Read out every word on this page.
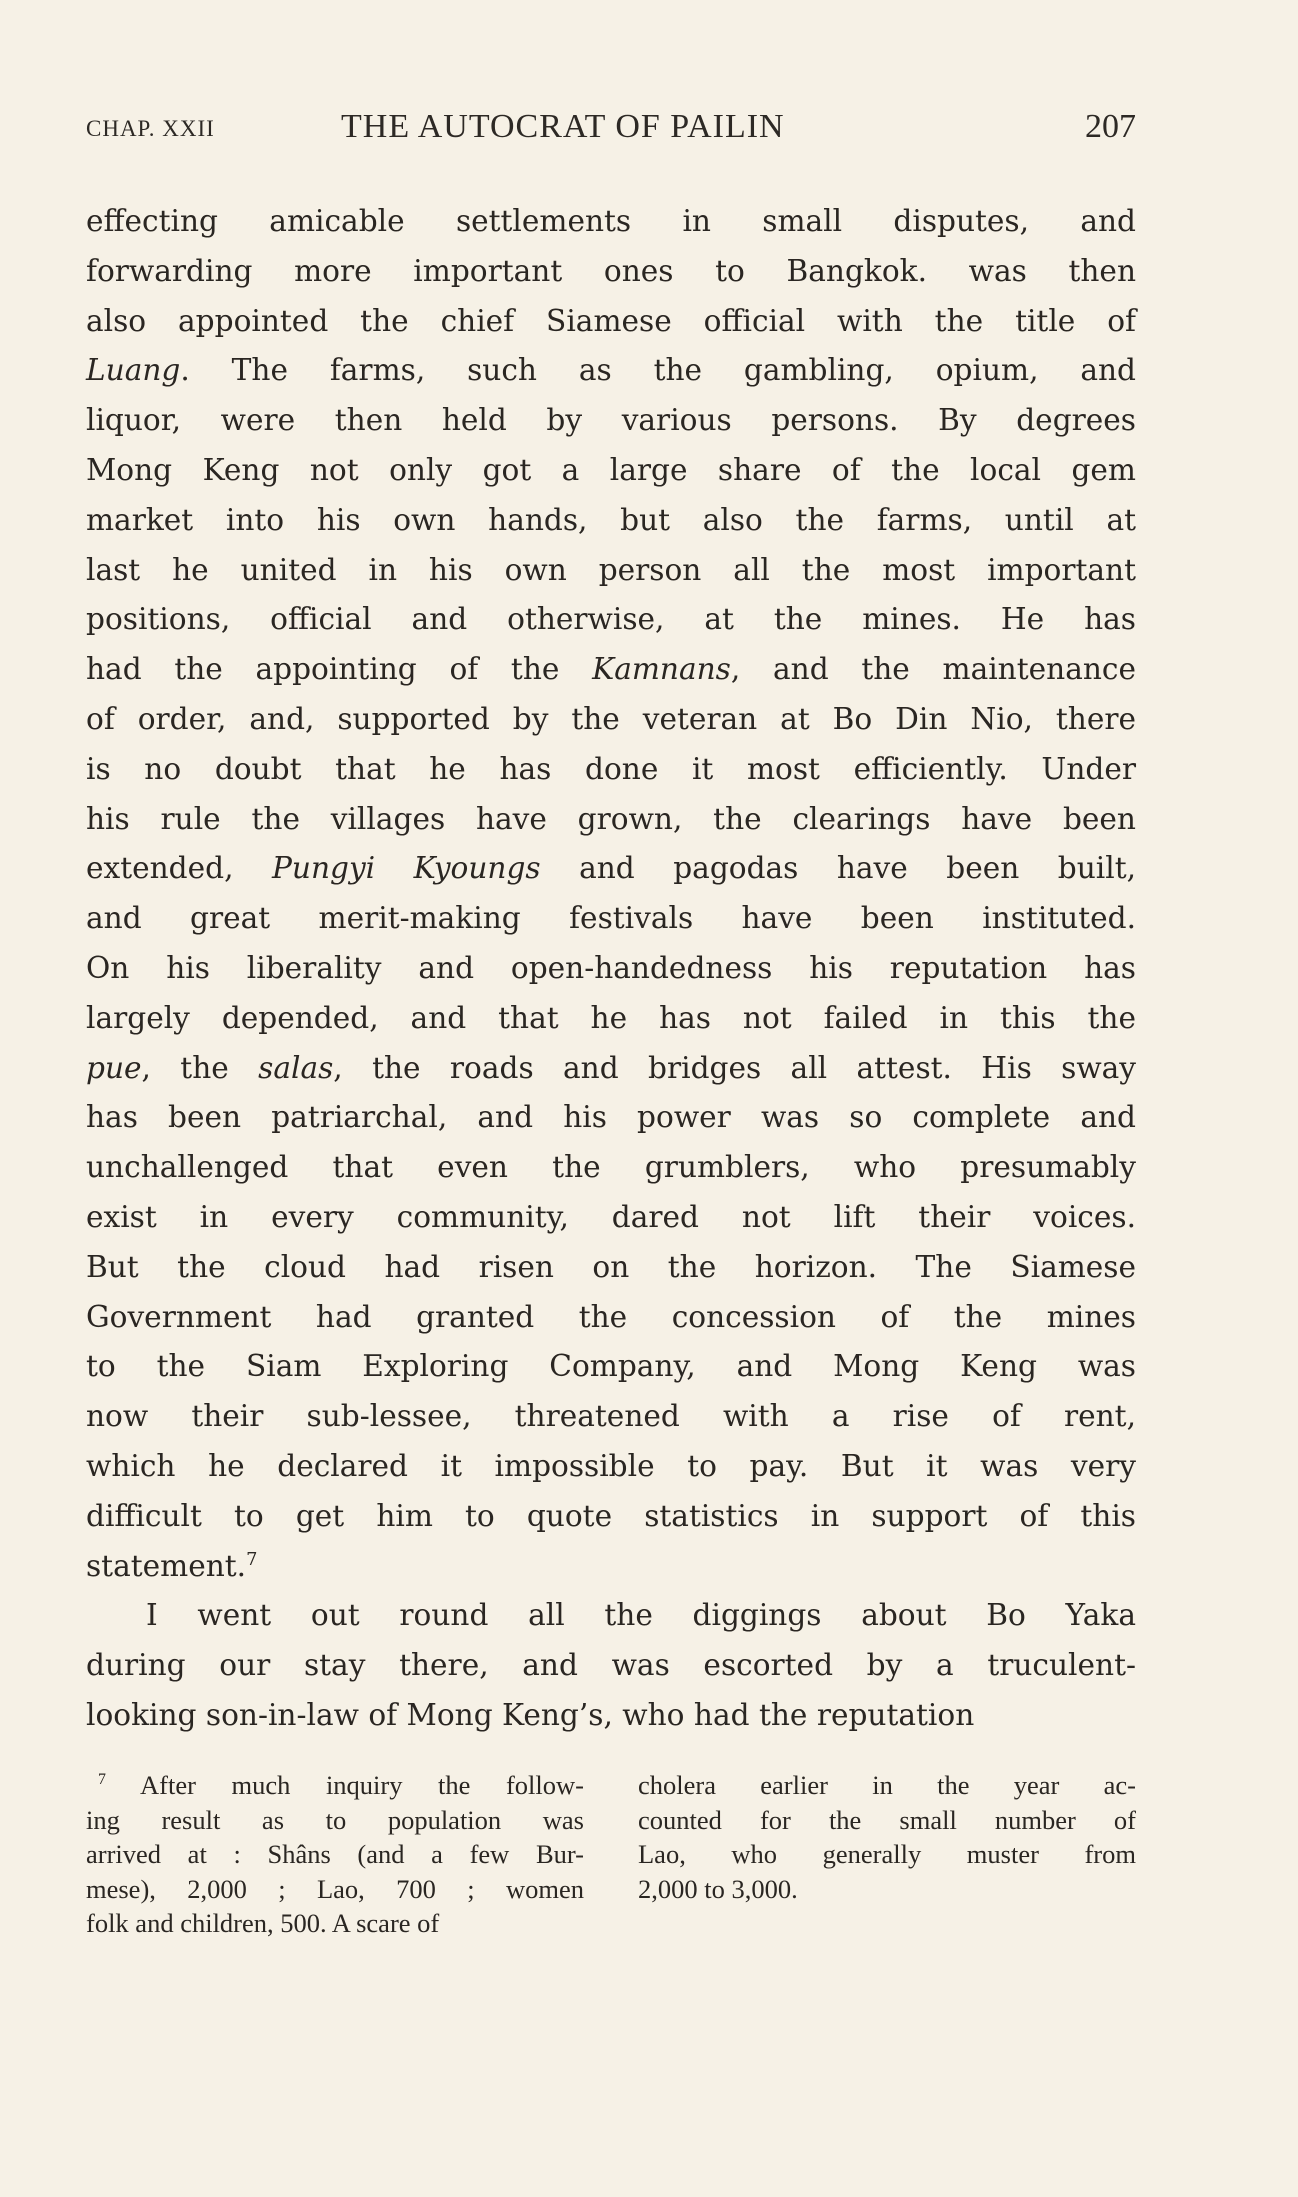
CHAP. XXII	THE AUTOCRAT OF PAILIN	207
effecting amicable settlements in small disputes, and
forwarding more important ones to Bangkok. was then
also appointed the chief Siamese official with the title of
Luang. The farms, such as the gambling, opium, and
liquor, were then held by various persons. By degrees
Mong Keng not only got a large share of the local gem
market into his own hands, but also the farms, until at
last he united in his own person all the most important
positions, official and otherwise, at the mines. He has
had the appointing of the Kamnans, and the maintenance
of order, and, supported by the veteran at Bo Din Nio, there
is no doubt that he has done it most efficiently. Under
his rule the villages have grown, the clearings have been
extended, Pungyi Kyoungs and pagodas have been built,
and great merit-making festivals have been instituted.
On his liberality and open-handedness his reputation has
largely depended, and that he has not failed in this the
pue, the salas, the roads and bridges all attest. His sway
has been patriarchal, and his power was so complete and
unchallenged that even the grumblers, who presumably
exist in every community, dared not lift their voices.
But the cloud had risen on the horizon. The Siamese
Government had granted the concession of the mines
to the Siam Exploring Company, and Mong Keng was
now their sub-lessee, threatened with a rise of rent,
which he declared it impossible to pay. But it was very
difficult to get him to quote statistics in support of this
statement.$^7$
I went out round all the diggings about Bo Yaka
during our stay there, and was escorted by a truculent-
looking son-in-law of Mong Keng’s, who had the reputation
$^7$ After much inquiry the follow-
ing result as to population was
arrived at : Shâns (and a few Bur-
mese), 2,000 ; Lao, 700 ; women
folk and children, 500. A scare of
cholera earlier in the year ac-
counted for the small number of
Lao, who generally muster from
2,000 to 3,000.
